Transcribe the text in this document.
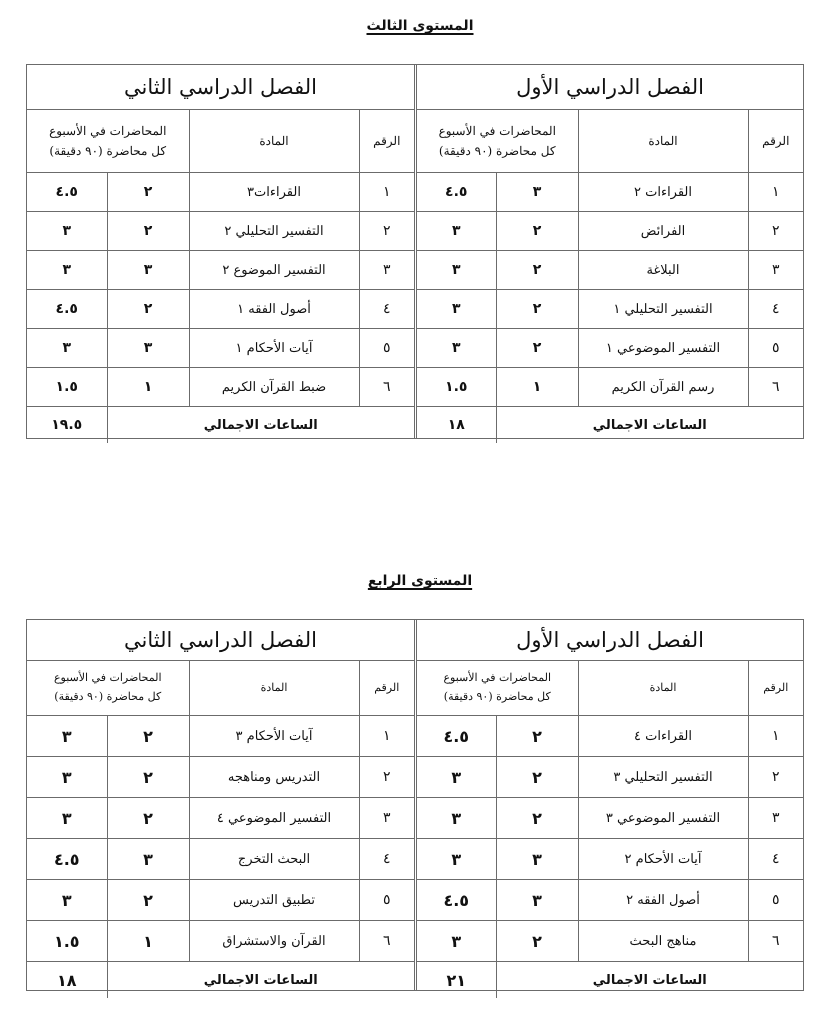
المستوى الثالث
الفصل الدراسي الأول			
الرقم	المادة	المحاضرات في الأسبوع
كل محاضرة (٩٠ دقيقة)	

١	القراءات ٢	٣	٤.٥
٢	الفرائض	٢	٣
٣	البلاغة	٢	٣
٤	التفسير التحليلي ١	٢	٣
٥	التفسير الموضوعي ١	٢	٣
٦	رسم القرآن الكريم	١	١.٥
الساعات الاجمالي			١٨
الفصل الدراسي الثاني			
الرقم	المادة	المحاضرات في الأسبوع
كل محاضرة (٩٠ دقيقة)	

١	القراءات٣	٢	٤.٥
٢	التفسير التحليلي ٢	٢	٣
٣	التفسير الموضوع ٢	٣	٣
٤	أصول الفقه ١	٢	٤.٥
٥	آيات الأحكام ١	٣	٣
٦	ضبط القرآن الكريم	١	١.٥
الساعات الاجمالي			١٩.٥
المستوى الرابع
الفصل الدراسي الأول			
الرقم	المادة	المحاضرات في الأسبوع
كل محاضرة (٩٠ دقيقة)	

١	القراءات ٤	٢	٤.٥
٢	التفسير التحليلي ٣	٢	٣
٣	التفسير الموضوعي ٣	٢	٣
٤	آيات الأحكام ٢	٣	٣
٥	أصول الفقه ٢	٣	٤.٥
٦	مناهج البحث	٢	٣
الساعات الاجمالي			٢١
الفصل الدراسي الثاني			
الرقم	المادة	المحاضرات في الأسبوع
كل محاضرة (٩٠ دقيقة)	

١	آيات الأحكام ٣	٢	٣
٢	التدريس ومناهجه	٢	٣
٣	التفسير الموضوعي ٤	٢	٣
٤	البحث التخرج	٣	٤.٥
٥	تطبيق التدريس	٢	٣
٦	القرآن والاستشراق	١	١.٥
الساعات الاجمالي			١٨
